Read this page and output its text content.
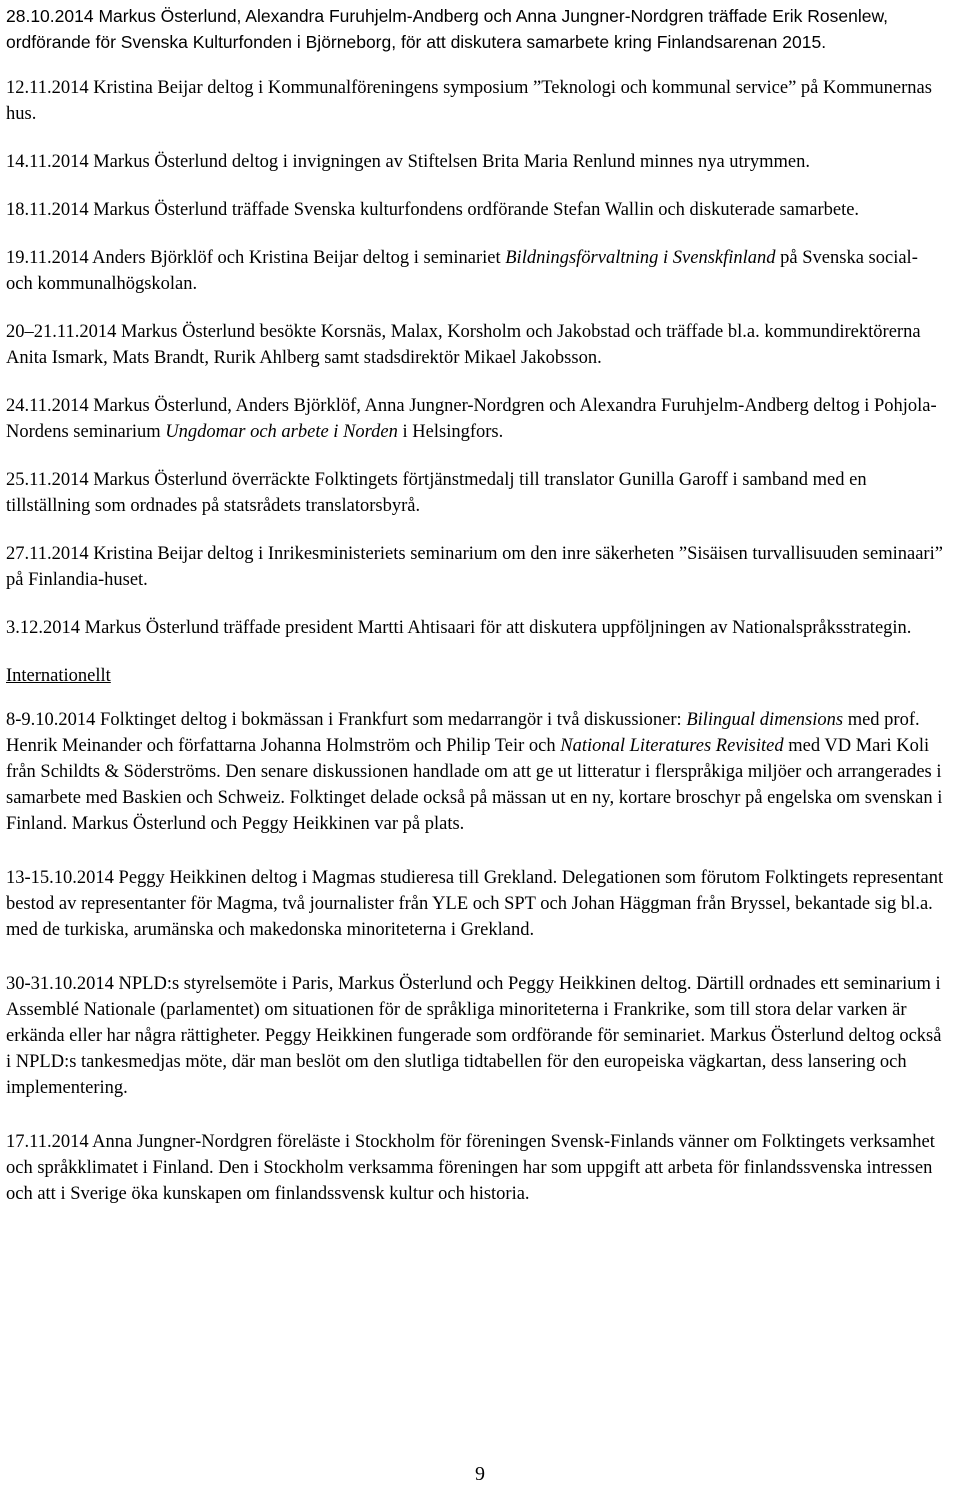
28.10.2014 Markus Österlund, Alexandra Furuhjelm-Andberg och Anna Jungner-Nordgren träffade Erik Rosenlew, ordförande för Svenska Kulturfonden i Björneborg, för att diskutera samarbete kring Finlandsarenan 2015.

12.11.2014 Kristina Beijar deltog i Kommunalföreningens symposium ”Teknologi och kommunal service” på Kommunernas hus.

14.11.2014 Markus Österlund deltog i invigningen av Stiftelsen Brita Maria Renlund minnes nya utrymmen.

18.11.2014 Markus Österlund träffade Svenska kulturfondens ordförande Stefan Wallin och diskuterade samarbete.

19.11.2014 Anders Björklöf och Kristina Beijar deltog i seminariet Bildningsförvaltning i Svenskfinland på Svenska social- och kommunalhögskolan.

20–21.11.2014 Markus Österlund besökte Korsnäs, Malax, Korsholm och Jakobstad och träffade bl.a. kommundirektörerna Anita Ismark, Mats Brandt, Rurik Ahlberg samt stadsdirektör Mikael Jakobsson.

24.11.2014 Markus Österlund, Anders Björklöf, Anna Jungner-Nordgren och Alexandra Furuhjelm-Andberg deltog i Pohjola-Nordens seminarium Ungdomar och arbete i Norden i Helsingfors.

25.11.2014 Markus Österlund överräckte Folktingets förtjänstmedalj till translator Gunilla Garoff i samband med en tillställning som ordnades på statsrådets translatorsbyrå.

27.11.2014 Kristina Beijar deltog i Inrikesministeriets seminarium om den inre säkerheten ”Sisäisen turvallisuuden seminaari” på Finlandia-huset.

3.12.2014 Markus Österlund träffade president Martti Ahtisaari för att diskutera uppföljningen av Nationalspråksstrategin.

Internationellt

8-9.10.2014 Folktinget deltog i bokmässan i Frankfurt som medarrangör i två diskussioner: Bilingual dimensions med prof. Henrik Meinander och författarna Johanna Holmström och Philip Teir och National Literatures Revisited med VD Mari Koli från Schildts & Söderströms. Den senare diskussionen handlade om att ge ut litteratur i flerspråkiga miljöer och arrangerades i samarbete med Baskien och Schweiz. Folktinget delade också på mässan ut en ny, kortare broschyr på engelska om svenskan i Finland. Markus Österlund och Peggy Heikkinen var på plats.

13-15.10.2014 Peggy Heikkinen deltog i Magmas studieresa till Grekland. Delegationen som förutom Folktingets representant bestod av representanter för Magma, två journalister från YLE och SPT och Johan Häggman från Bryssel, bekantade sig bl.a. med de turkiska, arumänska och makedonska minoriteterna i Grekland.

30-31.10.2014 NPLD:s styrelsemöte i Paris, Markus Österlund och Peggy Heikkinen deltog. Därtill ordnades ett seminarium i Assemblé Nationale (parlamentet) om situationen för de språkliga minoriteterna i Frankrike, som till stora delar varken är erkända eller har några rättigheter. Peggy Heikkinen fungerade som ordförande för seminariet. Markus Österlund deltog också i NPLD:s tankesmedjas möte, där man beslöt om den slutliga tidtabellen för den europeiska vägkartan, dess lansering och implementering.

17.11.2014 Anna Jungner-Nordgren föreläste i Stockholm för föreningen Svensk-Finlands vänner om Folktingets verksamhet och språkklimatet i Finland. Den i Stockholm verksamma föreningen har som uppgift att arbeta för finlandssvenska intressen och att i Sverige öka kunskapen om finlandssvensk kultur och historia.

9
